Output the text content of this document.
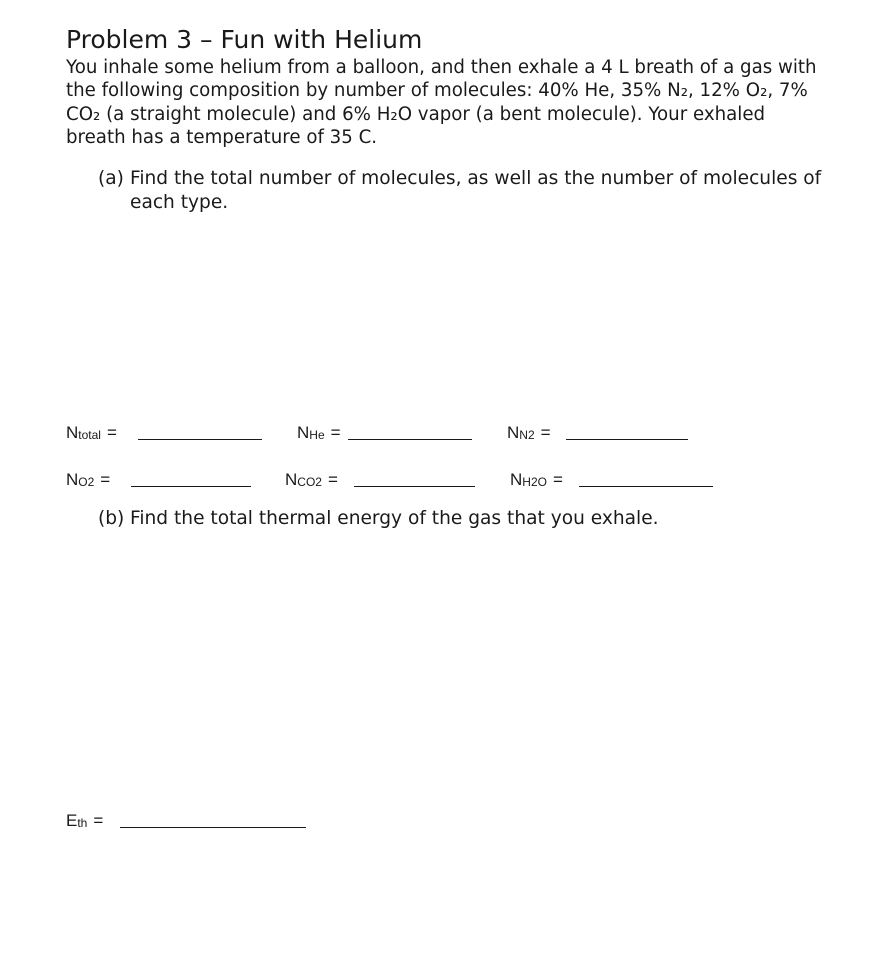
Problem 3 – Fun with Helium
You inhale some helium from a balloon, and then exhale a 4 L breath of a gas with
the following composition by number of molecules: 40% He, 35% N₂, 12% O₂, 7%
CO₂ (a straight molecule) and 6% H₂O vapor (a bent molecule). Your exhaled
breath has a temperature of 35 C.
(a) Find the total number of molecules, as well as the number of molecules of
each type.
$N_{total}$ =	$N_{He}$ =	$N_{N2}$ =
$N_{O2}$ =	$N_{CO2}$ =	$N_{H2O}$ =
(b) Find the total thermal energy of the gas that you exhale.
$E_{th}$ =
